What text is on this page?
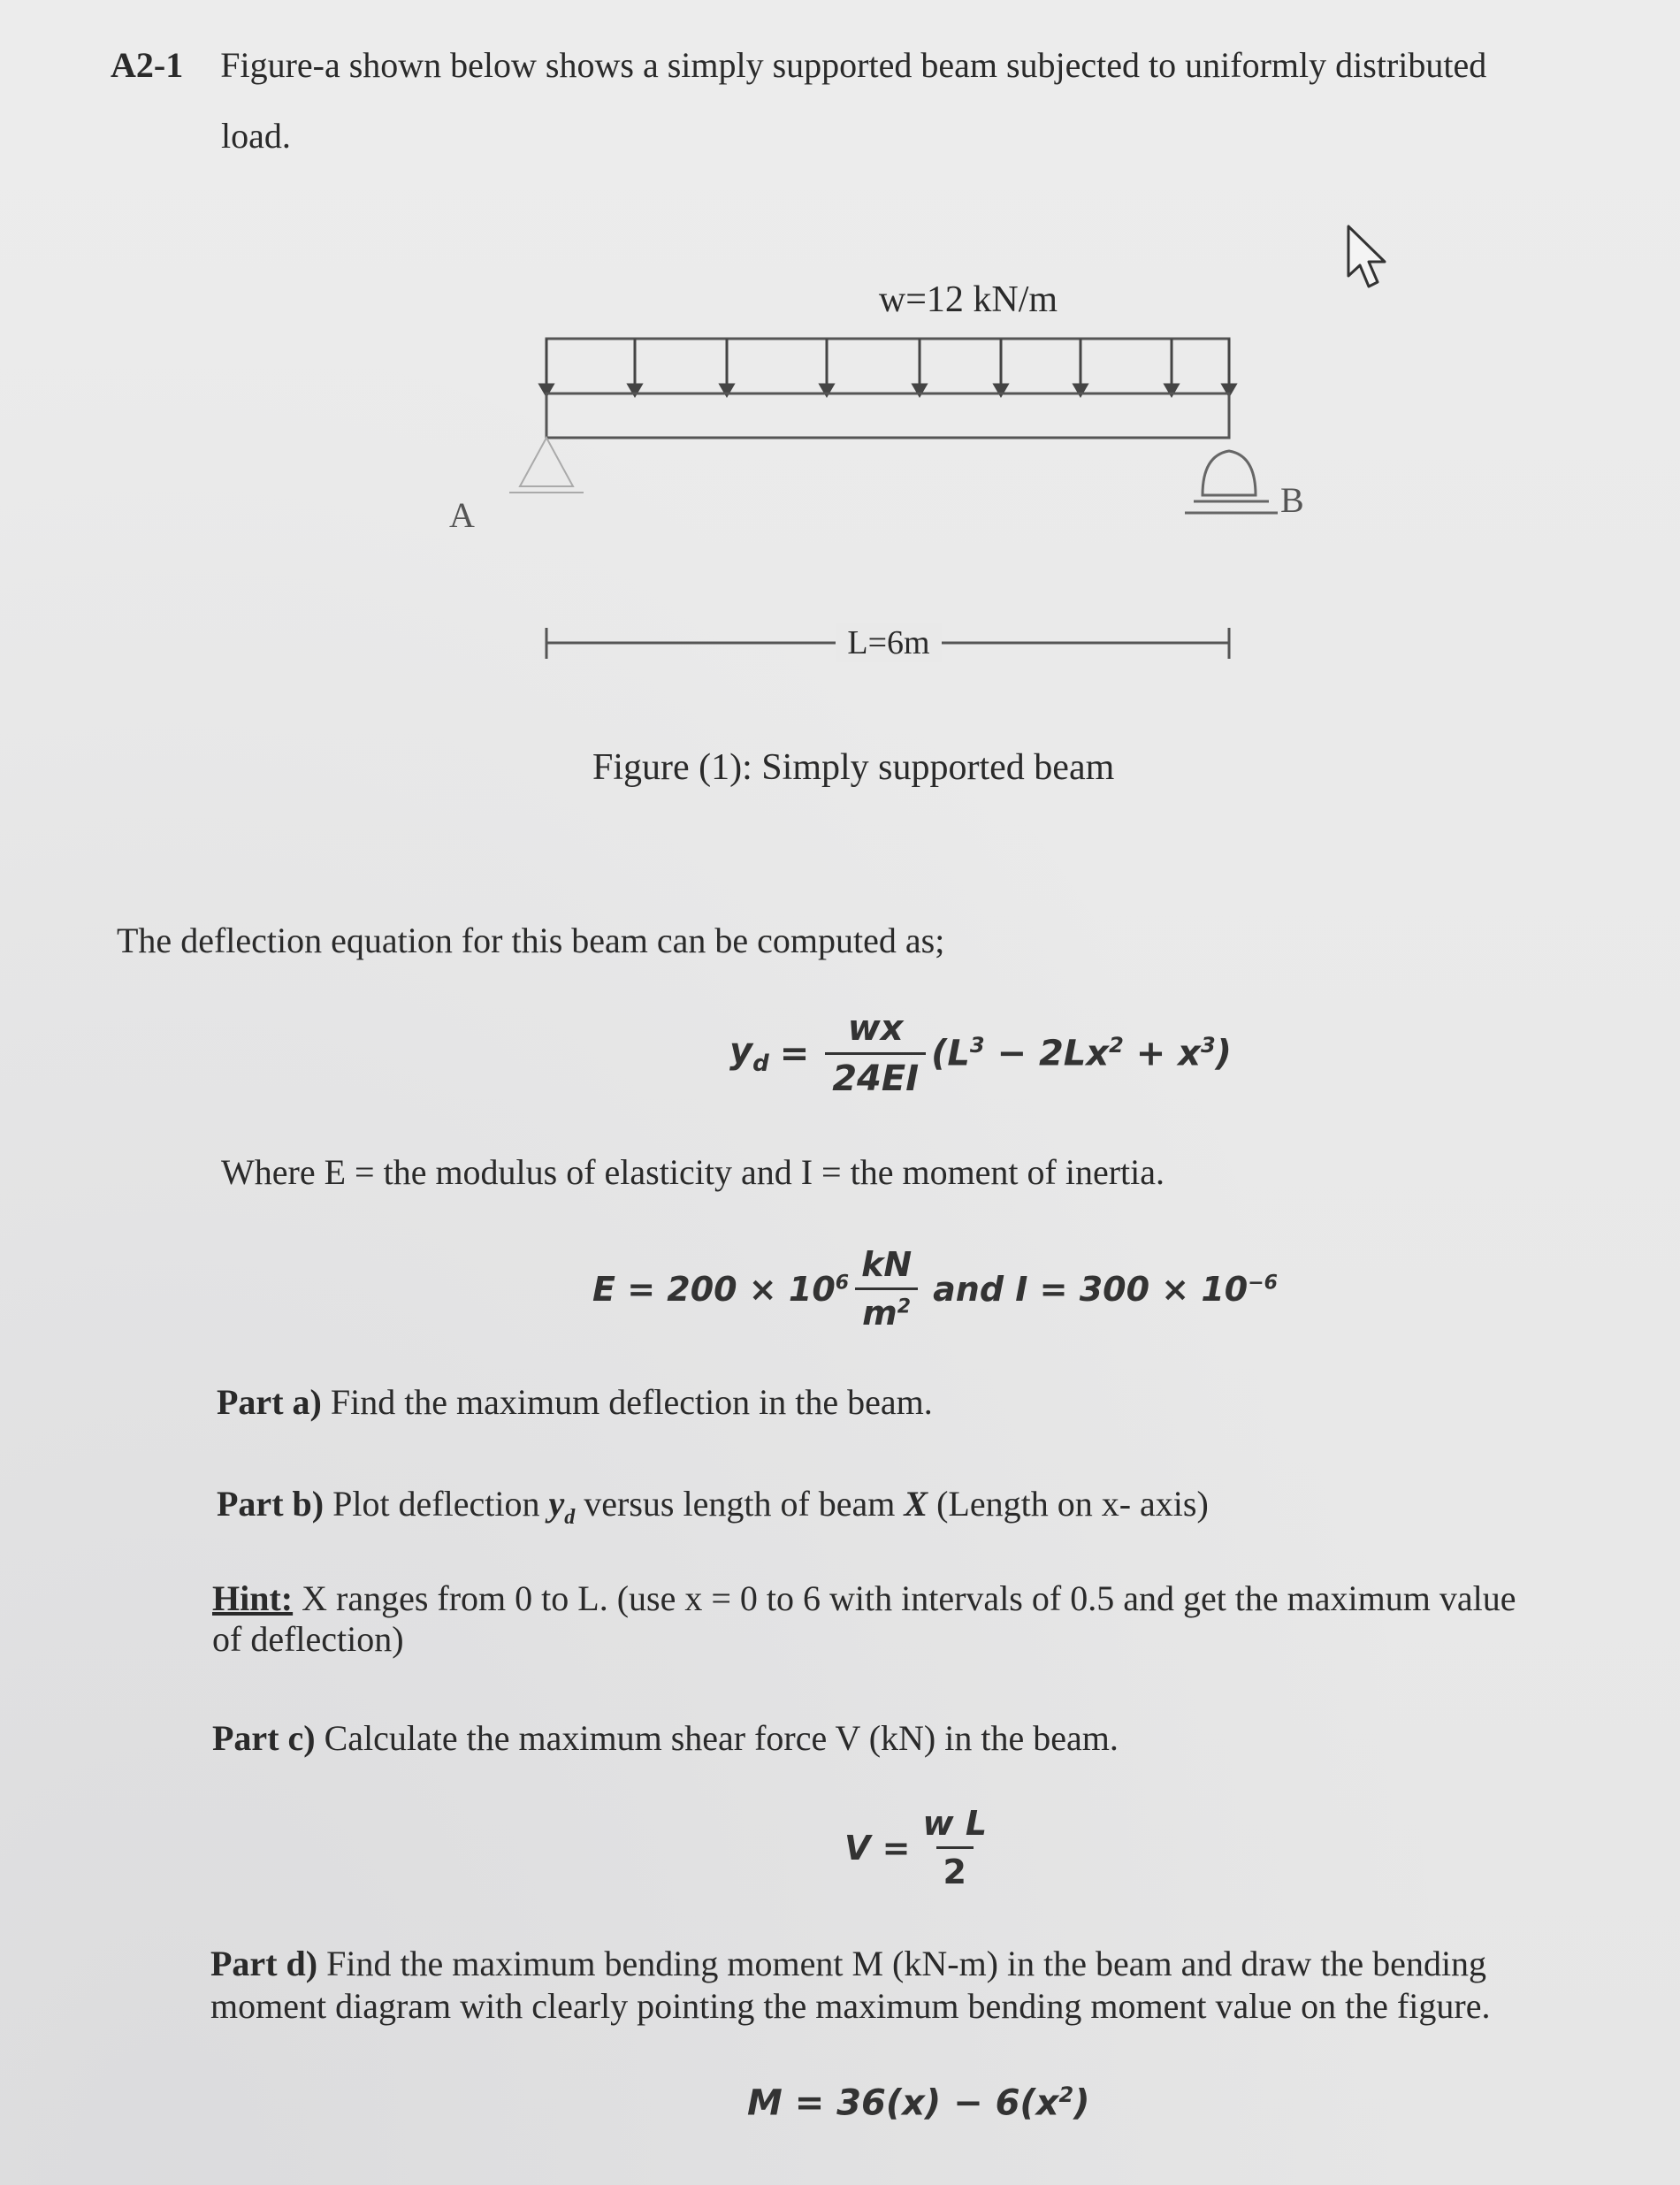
A2-1 Figure-a shown below shows a simply supported beam subjected to uniformly distributed
load.
w=12 kN/m
A	B
L=6m
Figure (1): Simply supported beam
The deflection equation for this beam can be computed as;
$y_d = \frac{wx}{24EI} (L^3 - 2Lx^2 + x^3)$
Where E = the modulus of elasticity and I = the moment of inertia.
$E = 200 \times 10^6 \frac{kN}{m^2}$ and $I = 300 \times 10^{-6}$
Part a) Find the maximum deflection in the beam.
Part b) Plot deflection $y_d$ versus length of beam X (Length on x- axis)
Hint: X ranges from 0 to L. (use x = 0 to 6 with intervals of 0.5 and get the maximum value
of deflection)
Part c) Calculate the maximum shear force V (kN) in the beam.
$V = \frac{\text{w L}}{2}$
Part d) Find the maximum bending moment M (kN-m) in the beam and draw the bending
moment diagram with clearly pointing the maximum bending moment value on the figure.
$M = 36(x) - 6(x^2)$
